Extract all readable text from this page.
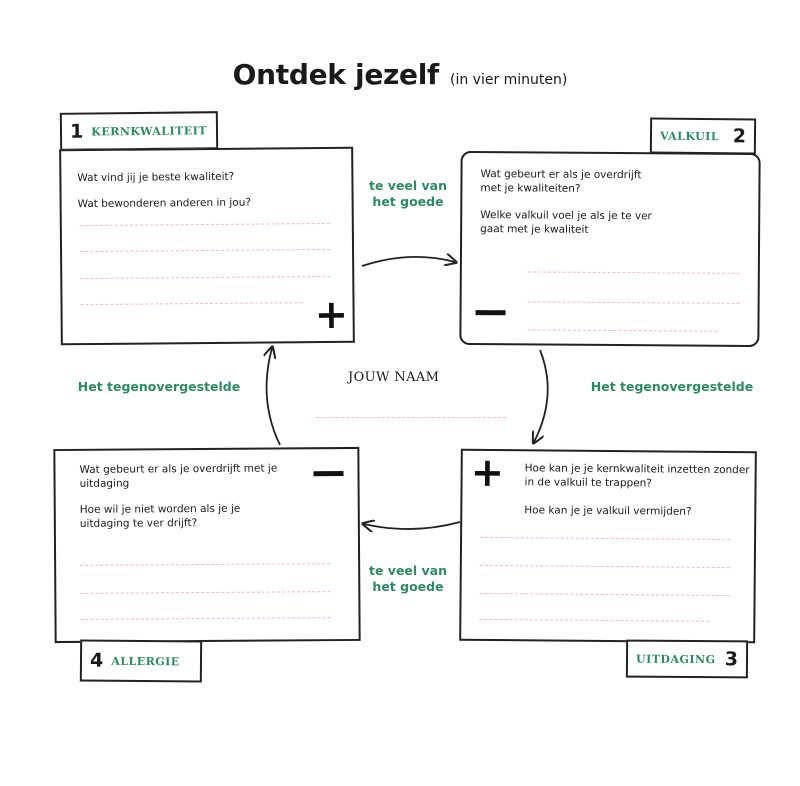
Ontdek jezelf (in vier minuten)
1 KERNKWALITEIT

Wat vind jij je beste kwaliteit?

Wat bewonderen anderen in jou?

+
VALKUIL 2

Wat gebeurt er als je overdrijft met je kwaliteiten?

Welke valkuil voel je als je te ver gaat met je kwaliteit

Hoe kan je je kernkwaliteit inzetten zonder in de valkuil te trappen?

Hoe kan je je valkuil vermijden?

+
UITDAGING 3

Wat gebeurt er als je overdrijft met je uitdaging

Hoe wil je niet worden als je je uitdaging te ver drijft?

4 ALLERGIE
te veel van het goede
te veel van het goede
Het tegenovergestelde	Het tegenovergestelde
JOUW NAAM
